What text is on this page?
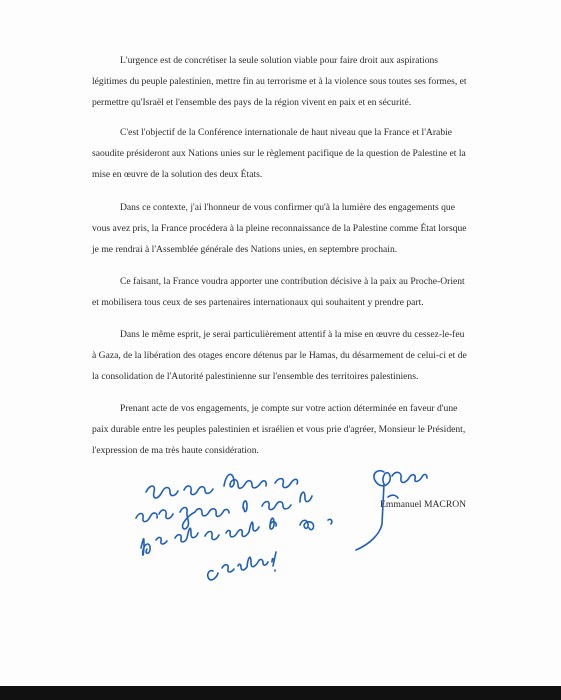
L'urgence est de concrétiser la seule solution viable pour faire droit aux aspirations
légitimes du peuple palestinien, mettre fin au terrorisme et à la violence sous toutes ses formes, et
permettre qu'Israël et l'ensemble des pays de la région vivent en paix et en sécurité.

C'est l'objectif de la Conférence internationale de haut niveau que la France et l'Arabie
saoudite présideront aux Nations unies sur le règlement pacifique de la question de Palestine et la
mise en œuvre de la solution des deux États.

Dans ce contexte, j'ai l'honneur de vous confirmer qu'à la lumière des engagements que
vous avez pris, la France procédera à la pleine reconnaissance de la Palestine comme État lorsque
je me rendrai à l'Assemblée générale des Nations unies, en septembre prochain.

Ce faisant, la France voudra apporter une contribution décisive à la paix au Proche-Orient
et mobilisera tous ceux de ses partenaires internationaux qui souhaitent y prendre part.

Dans le même esprit, je serai particulièrement attentif à la mise en œuvre du cessez-le-feu
à Gaza, de la libération des otages encore détenus par le Hamas, du désarmement de celui-ci et de
la consolidation de l'Autorité palestinienne sur l'ensemble des territoires palestiniens.

Prenant acte de vos engagements, je compte sur votre action déterminée en faveur d'une
paix durable entre les peuples palestinien et israélien et vous prie d'agréer, Monsieur le Président,
l'expression de ma très haute considération.

Emmanuel MACRON
